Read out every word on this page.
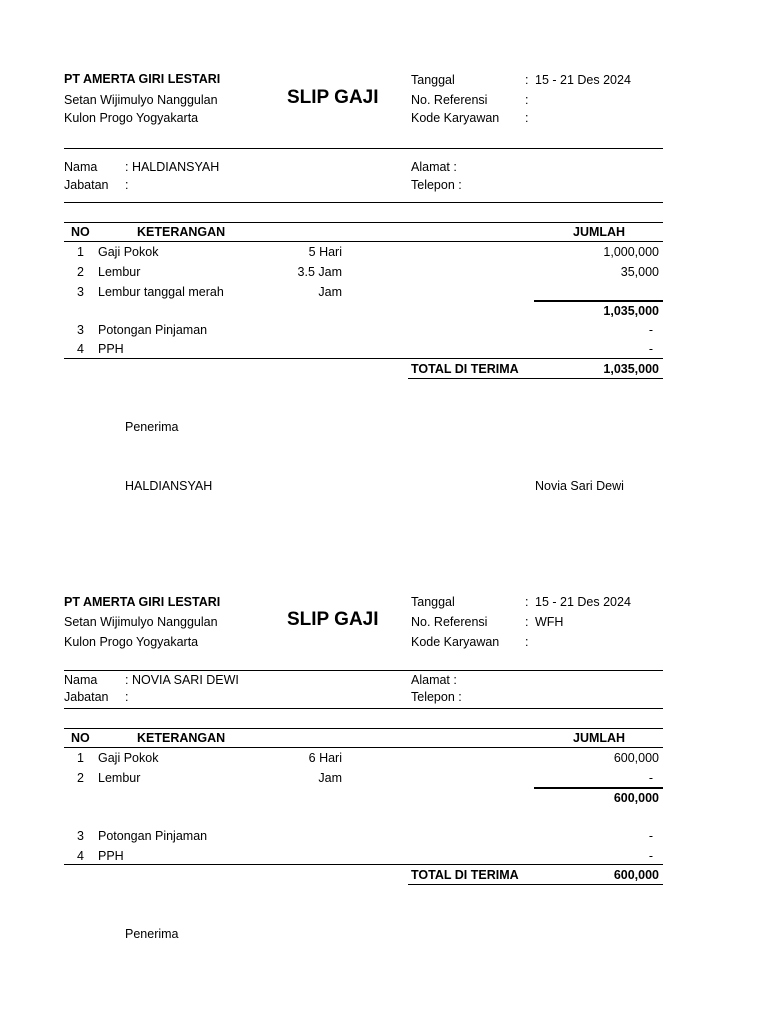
PT AMERTA GIRI LESTARI
Setan Wijimulyo Nanggulan
Kulon Progo Yogyakarta
SLIP GAJI
Tanggal	: 15 - 21 Des 2024
No. Referensi	:
Kode Karyawan :
Nama : HALDIANSYAH
Jabatan :
Alamat :
Telepon :
NO	KETERANGAN	JUMLAH
1 Gaji Pokok	5 Hari	1,000,000
2 Lembur	3.5 Jam	35,000
3 Lembur tanggal merah	Jam
1,035,000
3 Potongan Pinjaman	-
4 PPH	-
TOTAL DI TERIMA	1,035,000
Penerima
HALDIANSYAH	Novia Sari Dewi
PT AMERTA GIRI LESTARI
Setan Wijimulyo Nanggulan
Kulon Progo Yogyakarta
SLIP GAJI
Tanggal	: 15 - 21 Des 2024
No. Referensi	: WFH
Kode Karyawan :
Nama : NOVIA SARI DEWI
Jabatan :
Alamat :
Telepon :
NO	KETERANGAN	JUMLAH
1 Gaji Pokok	6 Hari	600,000
2 Lembur	Jam	-
600,000
3 Potongan Pinjaman	-
4 PPH	-
TOTAL DI TERIMA	600,000
Penerima
